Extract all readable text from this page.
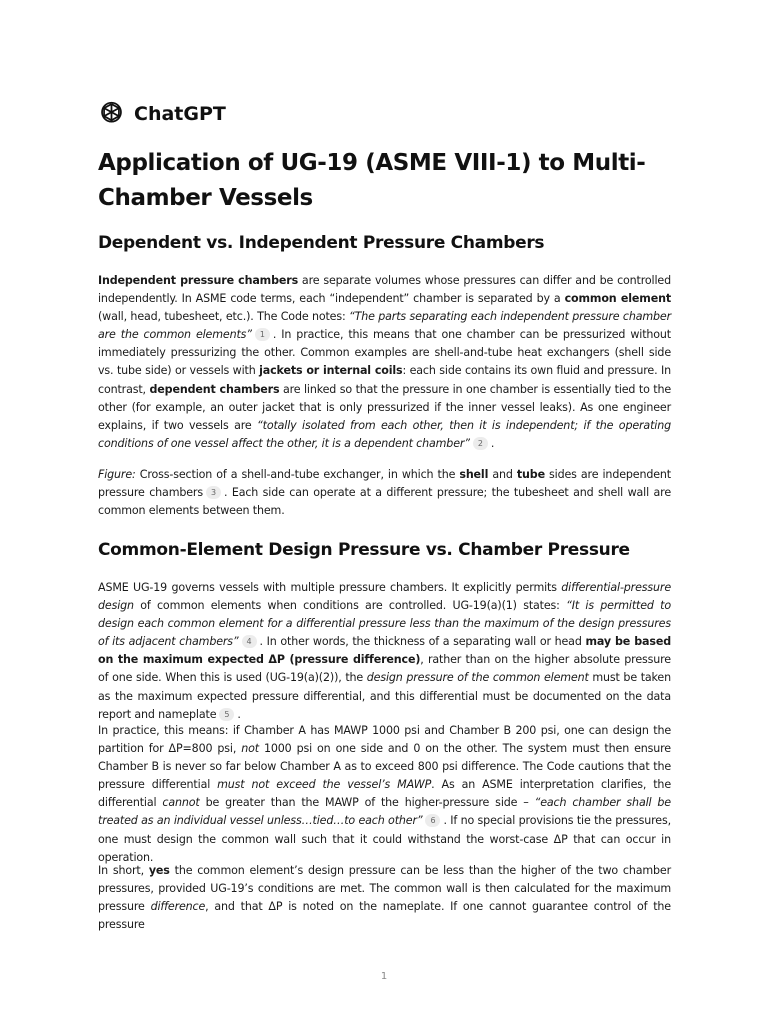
ChatGPT
Application of UG-19 (ASME VIII-1) to Multi-Chamber Vessels
Dependent vs. Independent Pressure Chambers

Independent pressure chambers are separate volumes whose pressures can differ and be controlled independently. In ASME code terms, each “independent” chamber is separated by a common element (wall, head, tubesheet, etc.). The Code notes: “The parts separating each independent pressure chamber are the common elements” 1 . In practice, this means that one chamber can be pressurized without immediately pressurizing the other. Common examples are shell-and-tube heat exchangers (shell side vs. tube side) or vessels with jackets or internal coils: each side contains its own fluid and pressure. In contrast, dependent chambers are linked so that the pressure in one chamber is essentially tied to the other (for example, an outer jacket that is only pressurized if the inner vessel leaks). As one engineer explains, if two vessels are “totally isolated from each other, then it is independent; if the operating conditions of one vessel affect the other, it is a dependent chamber” 2 .

Figure: Cross-section of a shell-and-tube exchanger, in which the shell and tube sides are independent pressure chambers 3 . Each side can operate at a different pressure; the tubesheet and shell wall are common elements between them.

Common-Element Design Pressure vs. Chamber Pressure

ASME UG-19 governs vessels with multiple pressure chambers. It explicitly permits differential-pressure design of common elements when conditions are controlled. UG-19(a)(1) states: “It is permitted to design each common element for a differential pressure less than the maximum of the design pressures of its adjacent chambers” 4 . In other words, the thickness of a separating wall or head may be based on the maximum expected ΔP (pressure difference), rather than on the higher absolute pressure of one side. When this is used (UG-19(a)(2)), the design pressure of the common element must be taken as the maximum expected pressure differential, and this differential must be documented on the data report and nameplate 5 .

In practice, this means: if Chamber A has MAWP 1000 psi and Chamber B 200 psi, one can design the partition for ΔP=800 psi, not 1000 psi on one side and 0 on the other. The system must then ensure Chamber B is never so far below Chamber A as to exceed 800 psi difference. The Code cautions that the pressure differential must not exceed the vessel’s MAWP. As an ASME interpretation clarifies, the differential cannot be greater than the MAWP of the higher-pressure side – “each chamber shall be treated as an individual vessel unless…tied…to each other” 6 . If no special provisions tie the pressures, one must design the common wall such that it could withstand the worst-case ΔP that can occur in operation.

In short, yes the common element’s design pressure can be less than the higher of the two chamber pressures, provided UG-19’s conditions are met. The common wall is then calculated for the maximum pressure difference, and that ΔP is noted on the nameplate. If one cannot guarantee control of the pressure

1
